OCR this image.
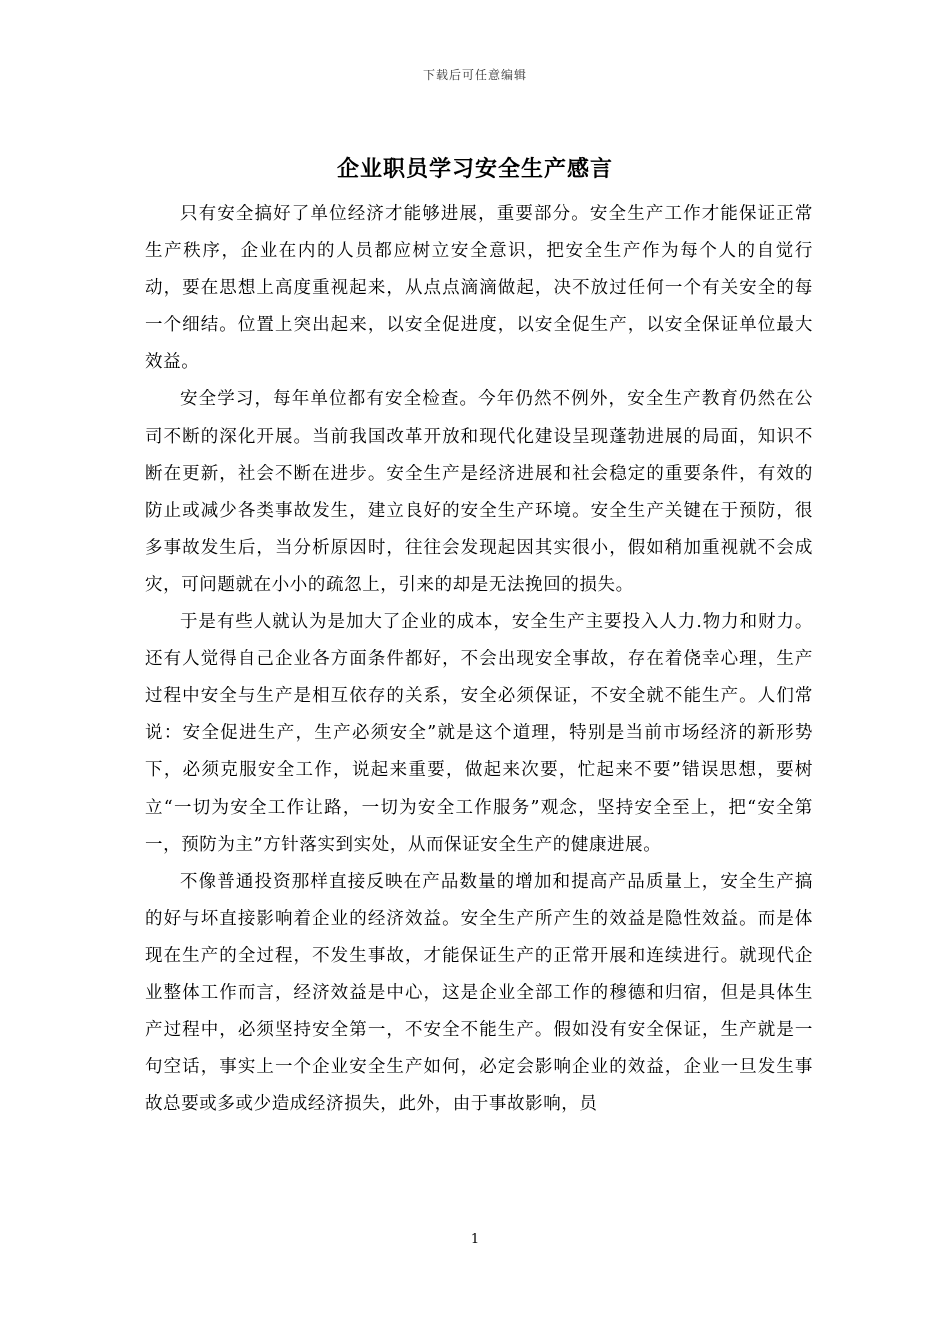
下载后可任意编辑
企业职员学习安全生产感言

只有安全搞好了单位经济才能够进展，重要部分。安全生产工作才能保证正常生产秩序，企业在内的人员都应树立安全意识，把安全生产作为每个人的自觉行动，要在思想上高度重视起来，从点点滴滴做起，决不放过任何一个有关安全的每一个细结。位置上突出起来，以安全促进度，以安全促生产，以安全保证单位最大效益。

安全学习，每年单位都有安全检查。今年仍然不例外，安全生产教育仍然在公司不断的深化开展。当前我国改革开放和现代化建设呈现蓬勃进展的局面，知识不断在更新，社会不断在进步。安全生产是经济进展和社会稳定的重要条件，有效的防止或减少各类事故发生，建立良好的安全生产环境。安全生产关键在于预防，很多事故发生后，当分析原因时，往往会发现起因其实很小，假如稍加重视就不会成灾，可问题就在小小的疏忽上，引来的却是无法挽回的损失。

于是有些人就认为是加大了企业的成本，安全生产主要投入人力.物力和财力。还有人觉得自己企业各方面条件都好，不会出现安全事故，存在着侥幸心理，生产过程中安全与生产是相互依存的关系，安全必须保证，不安全就不能生产。人们常说：安全促进生产，生产必须安全”就是这个道理，特别是当前市场经济的新形势下，必须克服安全工作，说起来重要，做起来次要，忙起来不要”错误思想，要树立“一切为安全工作让路，一切为安全工作服务”观念，坚持安全至上，把“安全第一，预防为主”方针落实到实处，从而保证安全生产的健康进展。

不像普通投资那样直接反映在产品数量的增加和提高产品质量上，安全生产搞的好与坏直接影响着企业的经济效益。安全生产所产生的效益是隐性效益。而是体现在生产的全过程，不发生事故，才能保证生产的正常开展和连续进行。就现代企业整体工作而言，经济效益是中心，这是企业全部工作的穆德和归宿，但是具体生产过程中，必须坚持安全第一，不安全不能生产。假如没有安全保证，生产就是一句空话，事实上一个企业安全生产如何，必定会影响企业的效益，企业一旦发生事故总要或多或少造成经济损失，此外，由于事故影响，员

1
